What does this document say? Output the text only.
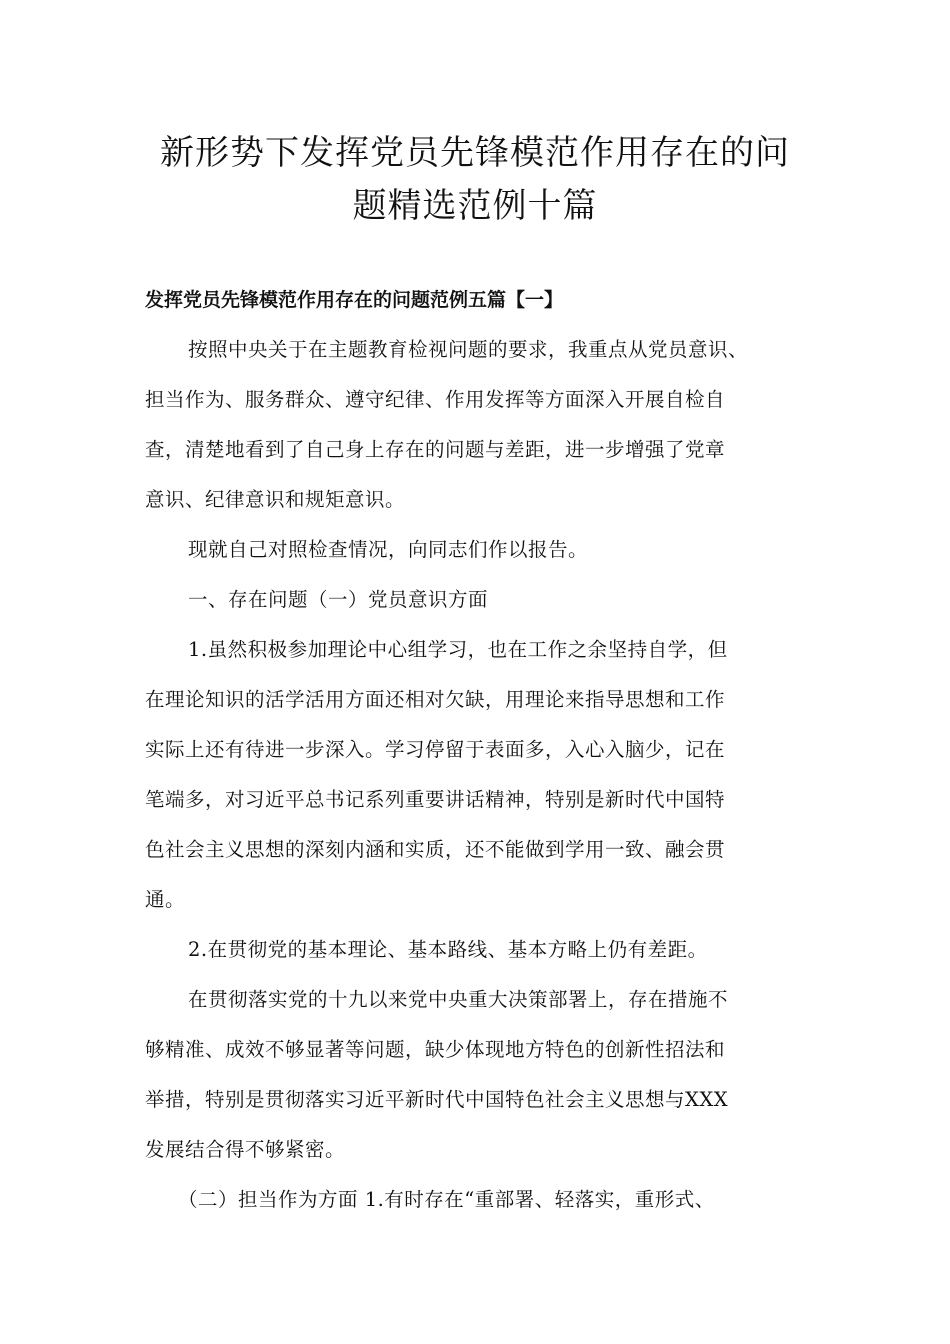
新形势下发挥党员先锋模范作用存在的问
题精选范例十篇
发挥党员先锋模范作用存在的问题范例五篇【一】
按照中央关于在主题教育检视问题的要求，我重点从党员意识、
担当作为、服务群众、遵守纪律、作用发挥等方面深入开展自检自
查，清楚地看到了自己身上存在的问题与差距，进一步增强了党章
意识、纪律意识和规矩意识。
现就自己对照检查情况，向同志们作以报告。
一、存在问题（一）党员意识方面
1.虽然积极参加理论中心组学习，也在工作之余坚持自学，但
在理论知识的活学活用方面还相对欠缺，用理论来指导思想和工作
实际上还有待进一步深入。学习停留于表面多，入心入脑少，记在
笔端多，对习近平总书记系列重要讲话精神，特别是新时代中国特
色社会主义思想的深刻内涵和实质，还不能做到学用一致、融会贯
通。
2.在贯彻党的基本理论、基本路线、基本方略上仍有差距。
在贯彻落实党的十九以来党中央重大决策部署上，存在措施不
够精准、成效不够显著等问题，缺少体现地方特色的创新性招法和
举措，特别是贯彻落实习近平新时代中国特色社会主义思想与XXX
发展结合得不够紧密。
（二）担当作为方面 1.有时存在“重部署、轻落实，重形式、
